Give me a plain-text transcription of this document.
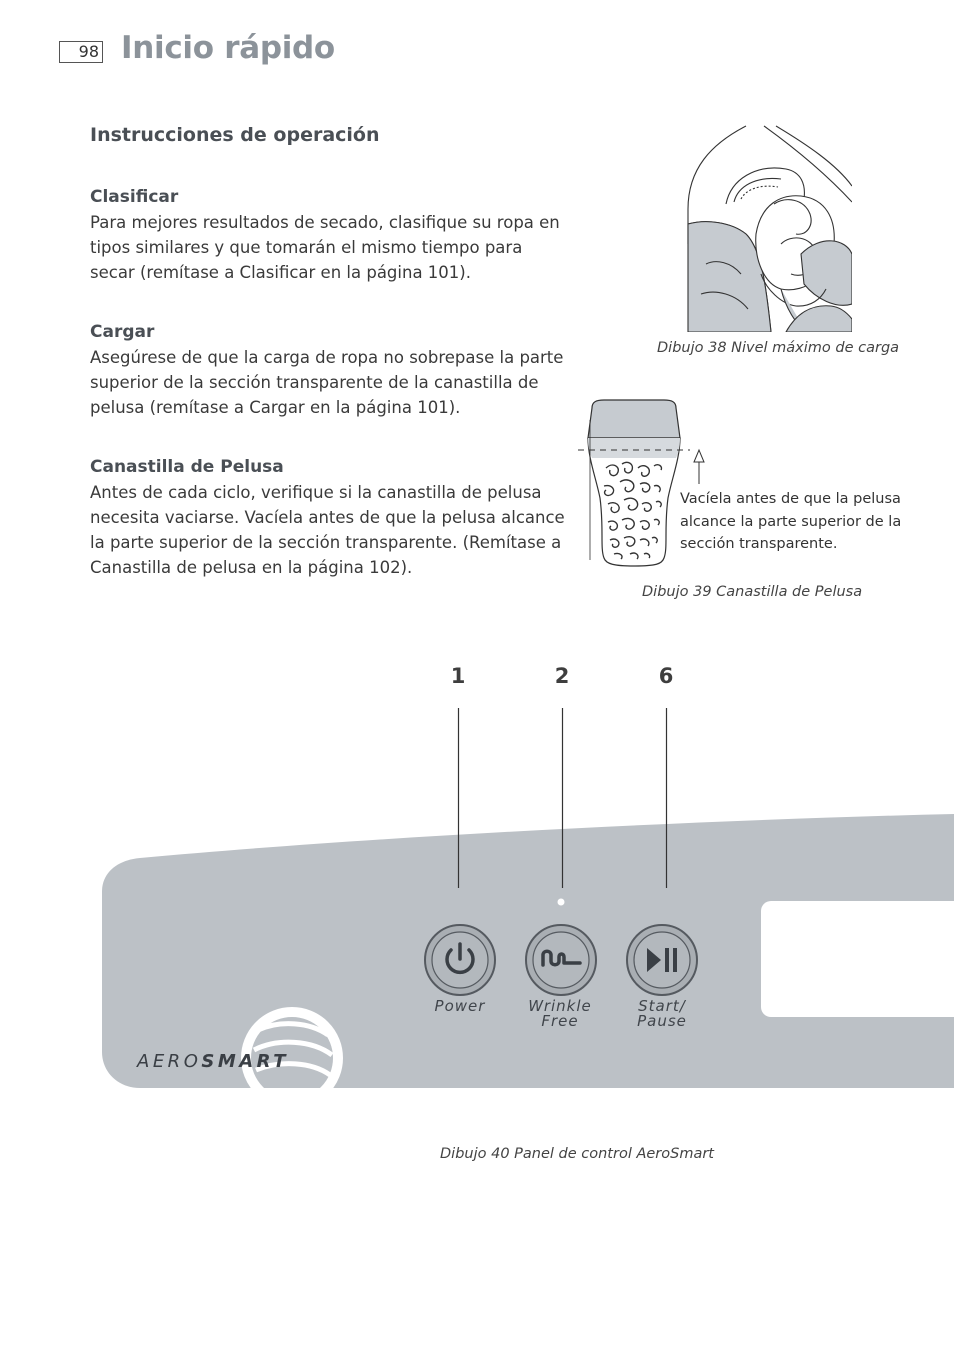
98 Inicio rápido
Instrucciones de operación
Clasificar

Para mejores resultados de secado, clasifique su ropa en tipos similares y que tomarán el mismo tiempo para secar (remítase a Clasificar en la página 101).

Cargar

Asegúrese de que la carga de ropa no sobrepase la parte superior de la sección transparente de la canastilla de pelusa (remítase a Cargar en la página 101).

Canastilla de Pelusa

Antes de cada ciclo, verifique si la canastilla de pelusa necesita vaciarse. Vacíela antes de que la pelusa alcance la parte superior de la sección transparente. (Remítase a Canastilla de pelusa en la página 102).

Dibujo 38 Nivel máximo de carga
Vacíela antes de que la pelusa alcance la parte superior de la sección transparente.
Dibujo 39 Canastilla de Pelusa
1	2	6
Power	Wrinkle
Free
Start/
Pause
AEROSMART
Dibujo 40 Panel de control AeroSmart
